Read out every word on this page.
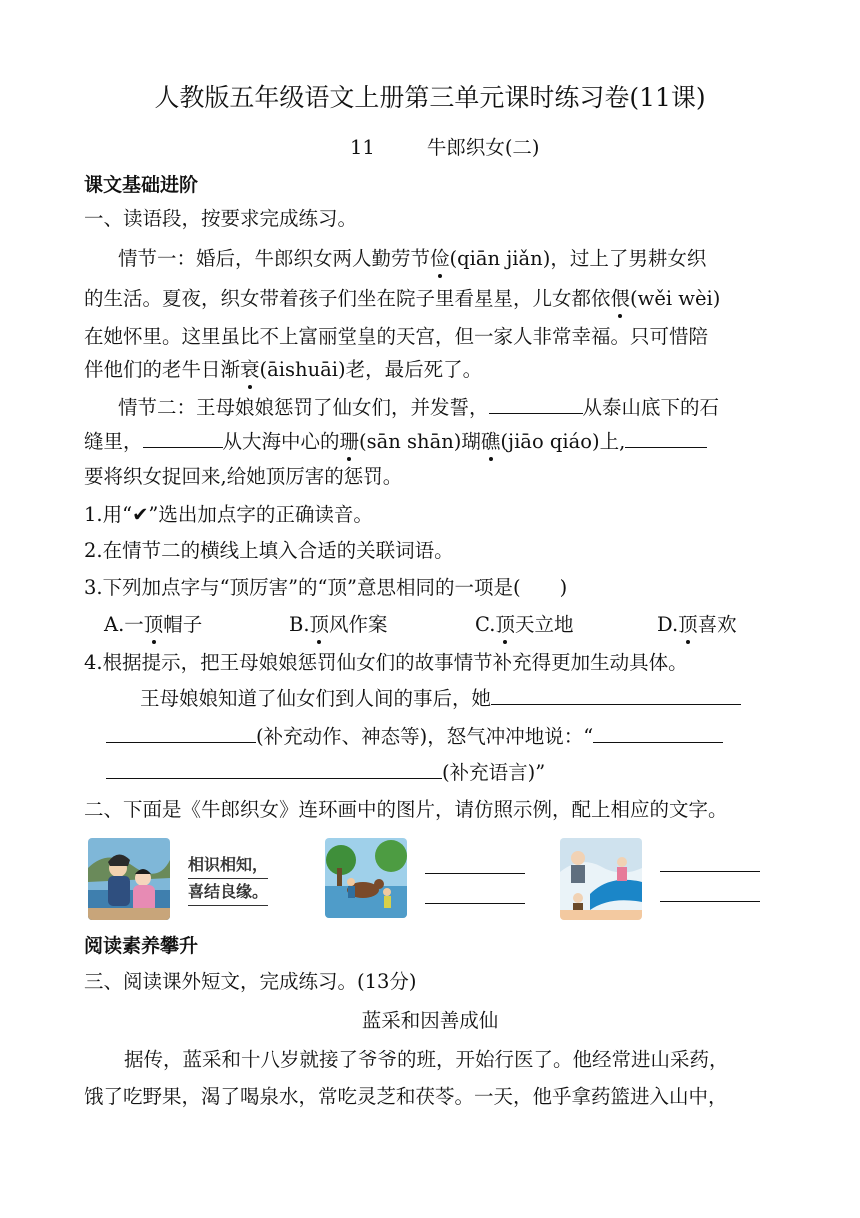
人教版五年级语文上册第三单元课时练习卷(11课)
11	牛郎织女(二)
课文基础进阶
一、读语段，按要求完成练习。
情节一：婚后，牛郎织女两人勤劳节俭(qiān jiǎn)，过上了男耕女织
的生活。夏夜，织女带着孩子们坐在院子里看星星，儿女都依偎(wěi wèi)
在她怀里。这里虽比不上富丽堂皇的天宫，但一家人非常幸福。只可惜陪
伴他们的老牛日渐衰(āishuāi)老，最后死了。
情节二：王母娘娘惩罚了仙女们，并发誓，	从泰山底下的石
缝里，	从大海中心的珊(sān shān)瑚礁(jiāo qiáo)上,
要将织女捉回来,给她顶厉害的惩罚。
1.用“✔”选出加点字的正确读音。
2.在情节二的横线上填入合适的关联词语。
3.下列加点字与“顶厉害”的“顶”意思相同的一项是(　　)
A.一顶帽子	B.顶风作案	C.顶天立地	D.顶喜欢
4.根据提示，把王母娘娘惩罚仙女们的故事情节补充得更加生动具体。
王母娘娘知道了仙女们到人间的事后，她
(补充动作、神态等)，怒气冲冲地说：“
(补充语言)”
二、下面是《牛郎织女》连环画中的图片，请仿照示例，配上相应的文字。
相识相知，
喜结良缘。
阅读素养攀升
三、阅读课外短文，完成练习。(13分)
蓝采和因善成仙
据传，蓝采和十八岁就接了爷爷的班，开始行医了。他经常进山采药，
饿了吃野果，渴了喝泉水，常吃灵芝和茯苓。一天，他乎拿药篮进入山中，
